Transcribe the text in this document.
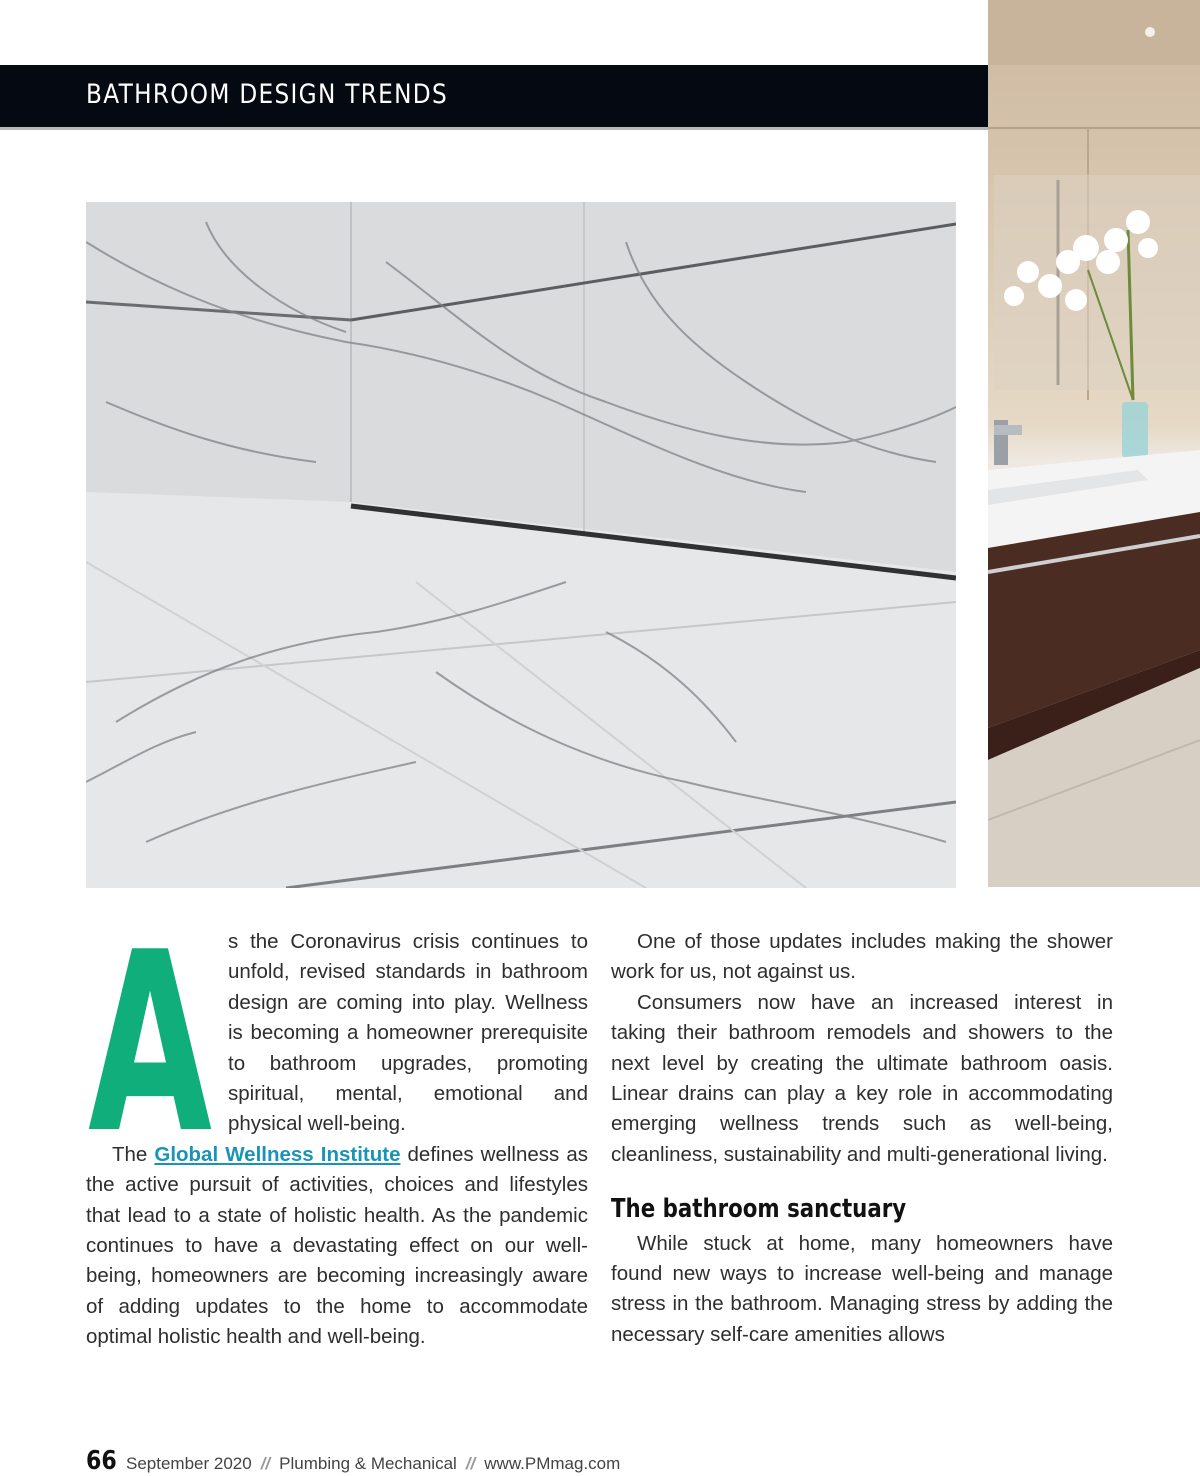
BATHROOM DESIGN TRENDS
A s the Coronavirus crisis continues to unfold, revised standards in bathroom design are coming into play. Wellness is becoming a homeowner prerequisite to bathroom upgrades, promoting spiritual, mental, emotional and physical well-being.

The Global Wellness Institute defines wellness as the active pursuit of activities, choices and lifestyles that lead to a state of holistic health. As the pandemic continues to have a devastating effect on our well-being, homeowners are becoming increasingly aware of adding updates to the home to accommodate optimal holistic health and well-being.

One of those updates includes making the shower work for us, not against us.

Consumers now have an increased interest in taking their bathroom remodels and showers to the next level by creating the ultimate bathroom oasis. Linear drains can play a key role in accommodating emerging wellness trends such as well-being, cleanliness, sustainability and multi-generational living.

The bathroom sanctuary

While stuck at home, many homeowners have found new ways to increase well-being and manage stress in the bathroom. Managing stress by adding the necessary self-care amenities allows

66 September 2020 // Plumbing & Mechanical // www.PMmag.com
